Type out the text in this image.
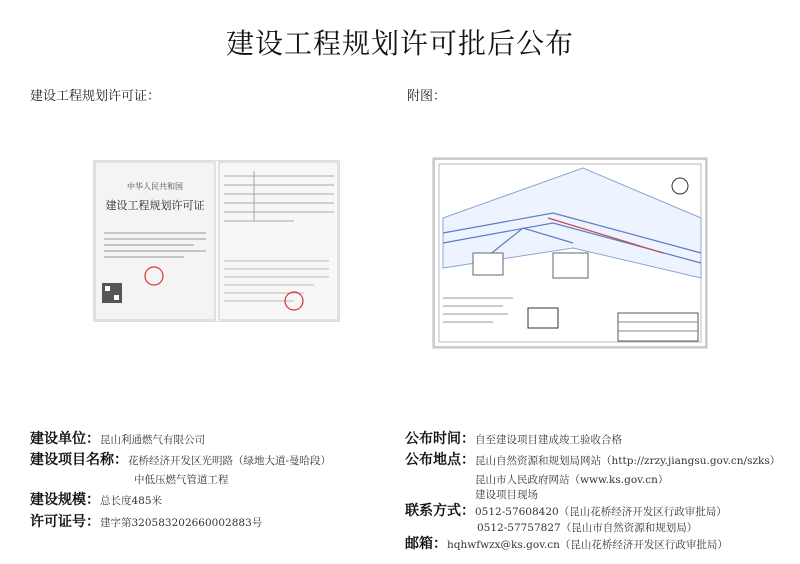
建设工程规划许可批后公布
建设工程规划许可证：	附图：
中华人民共和国
建设工程规划许可证
建设单位：昆山利通燃气有限公司
建设项目名称：花桥经济开发区光明路（绿地大道-曼哈段）
中低压燃气管道工程
建设规模：总长度485米
许可证号：建字第320583202660002883号
公布时间：自至建设项目建成竣工验收合格
公布地点：昆山自然资源和规划局网站（http://zrzy.jiangsu.gov.cn/szks）
昆山市人民政府网站（www.ks.gov.cn）
建设项目现场
联系方式：0512-57608420（昆山花桥经济开发区行政审批局）
0512-57757827（昆山市自然资源和规划局）
邮箱：hqhwfwzx@ks.gov.cn（昆山花桥经济开发区行政审批局）
